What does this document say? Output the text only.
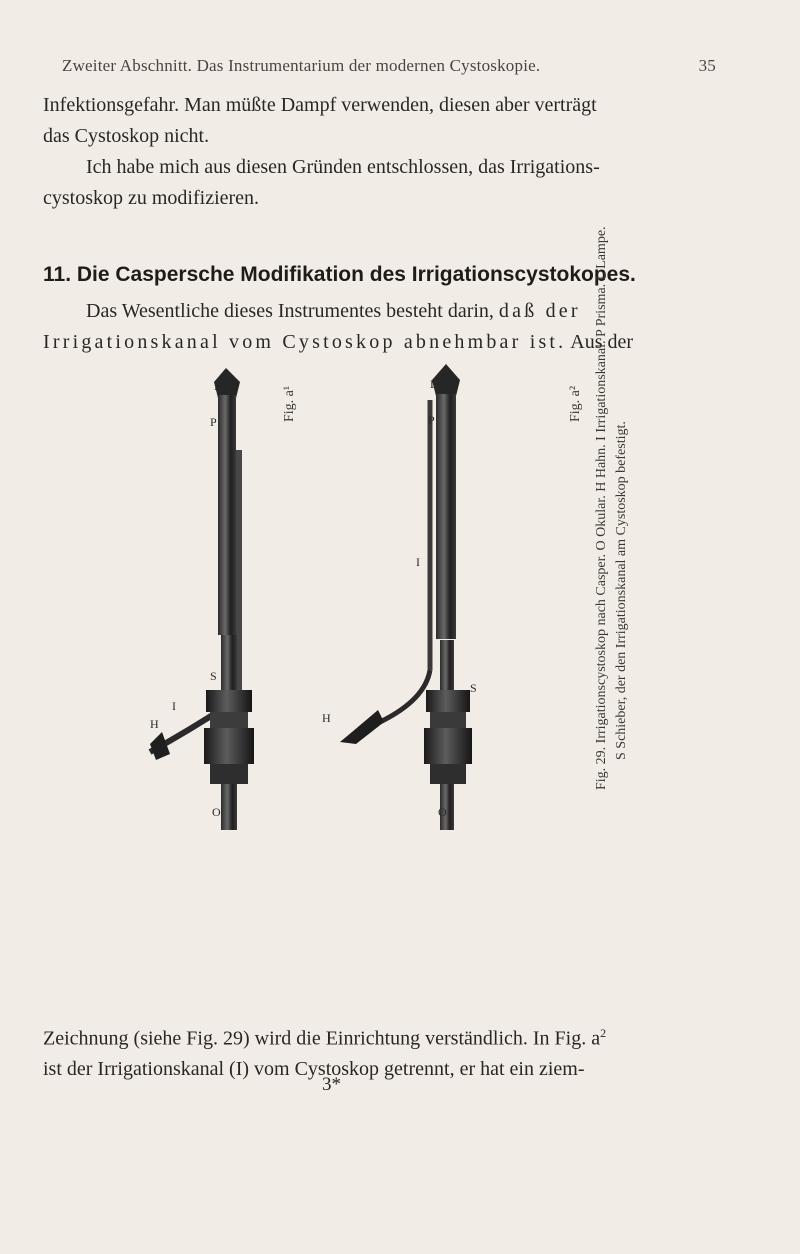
Zweiter Abschnitt. Das Instrumentarium der modernen Cystoskopie.	35
Infektionsgefahr. Man müßte Dampf verwenden, diesen aber verträgt
das Cystoskop nicht.
Ich habe mich aus diesen Gründen entschlossen, das Irrigations-
cystoskop zu modifizieren.
11. Die Caspersche Modifikation des Irrigationscystokopes.
Das Wesentliche dieses Instrumentes besteht darin, daß der
Irrigationskanal vom Cystoskop abnehmbar ist. Aus der
L
P
S
I
H
O
L
P
I
S
H
O
Fig. a¹	Fig. a² Fig. 29. Irrigationscystoskop nach Casper. O Okular. H Hahn. I Irrigationskanal. P Prisma. L Lampe. S Schieber, der den Irrigationskanal am Cystoskop befestigt.
Zeichnung (siehe Fig. 29) wird die Einrichtung verständlich. In Fig. $a^2$
ist der Irrigationskanal (I) vom Cystoskop getrennt, er hat ein ziem-
3*
